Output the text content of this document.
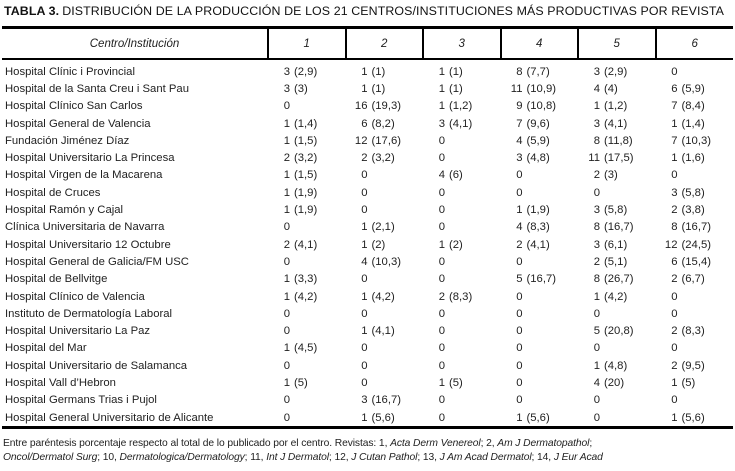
TABLA 3. DISTRIBUCIÓN DE LA PRODUCCIÓN DE LOS 21 CENTROS/INSTITUCIONES MÁS PRODUCTIVAS POR REVISTA
Centro/Institución	1	2	3	4	5	6
Hospital Clínic i Provincial	3 (2,9)	1 (1)	1 (1)	8 (7,7)	3 (2,9)	0
Hospital de la Santa Creu i Sant Pau	3 (3)	1 (1)	1 (1)	11 (10,9)	4 (4)	6 (5,9)
Hospital Clínico San Carlos	0	16 (19,3)	1 (1,2)	9 (10,8)	1 (1,2)	7 (8,4)
Hospital General de Valencia	1 (1,4)	6 (8,2)	3 (4,1)	7 (9,6)	3 (4,1)	1 (1,4)
Fundación Jiménez Díaz	1 (1,5)	12 (17,6)	0	4 (5,9)	8 (11,8)	7 (10,3)
Hospital Universitario La Princesa	2 (3,2)	2 (3,2)	0	3 (4,8)	11 (17,5)	1 (1,6)
Hospital Virgen de la Macarena	1 (1,5)	0	4 (6)	0	2 (3)	0
Hospital de Cruces	1 (1,9)	0	0	0	0	3 (5,8)
Hospital Ramón y Cajal	1 (1,9)	0	0	1 (1,9)	3 (5,8)	2 (3,8)
Clínica Universitaria de Navarra	0	1 (2,1)	0	4 (8,3)	8 (16,7)	8 (16,7)
Hospital Universitario 12 Octubre	2 (4,1)	1 (2)	1 (2)	2 (4,1)	3 (6,1)	12 (24,5)
Hospital General de Galicia/FM USC	0	4 (10,3)	0	0	2 (5,1)	6 (15,4)
Hospital de Bellvitge	1 (3,3)	0	0	5 (16,7)	8 (26,7)	2 (6,7)
Hospital Clínico de Valencia	1 (4,2)	1 (4,2)	2 (8,3)	0	1 (4,2)	0
Instituto de Dermatología Laboral	0	0	0	0	0	0
Hospital Universitario La Paz	0	1 (4,1)	0	0	5 (20,8)	2 (8,3)
Hospital del Mar	1 (4,5)	0	0	0	0	0
Hospital Universitario de Salamanca	0	0	0	0	1 (4,8)	2 (9,5)
Hospital Vall d’Hebron	1 (5)	0	1 (5)	0	4 (20)	1 (5)
Hospital Germans Trias i Pujol	0	3 (16,7)	0	0	0	0
Hospital General Universitario de Alicante	0	1 (5,6)	0	1 (5,6)	0	1 (5,6)
Entre paréntesis porcentaje respecto al total de lo publicado por el centro. Revistas: 1, Acta Derm Venereol; 2, Am J Dermatopathol;
Oncol/Dermatol Surg; 10, Dermatologica/Dermatology; 11, Int J Dermatol; 12, J Cutan Pathol; 13, J Am Acad Dermatol; 14, J Eur Acad
